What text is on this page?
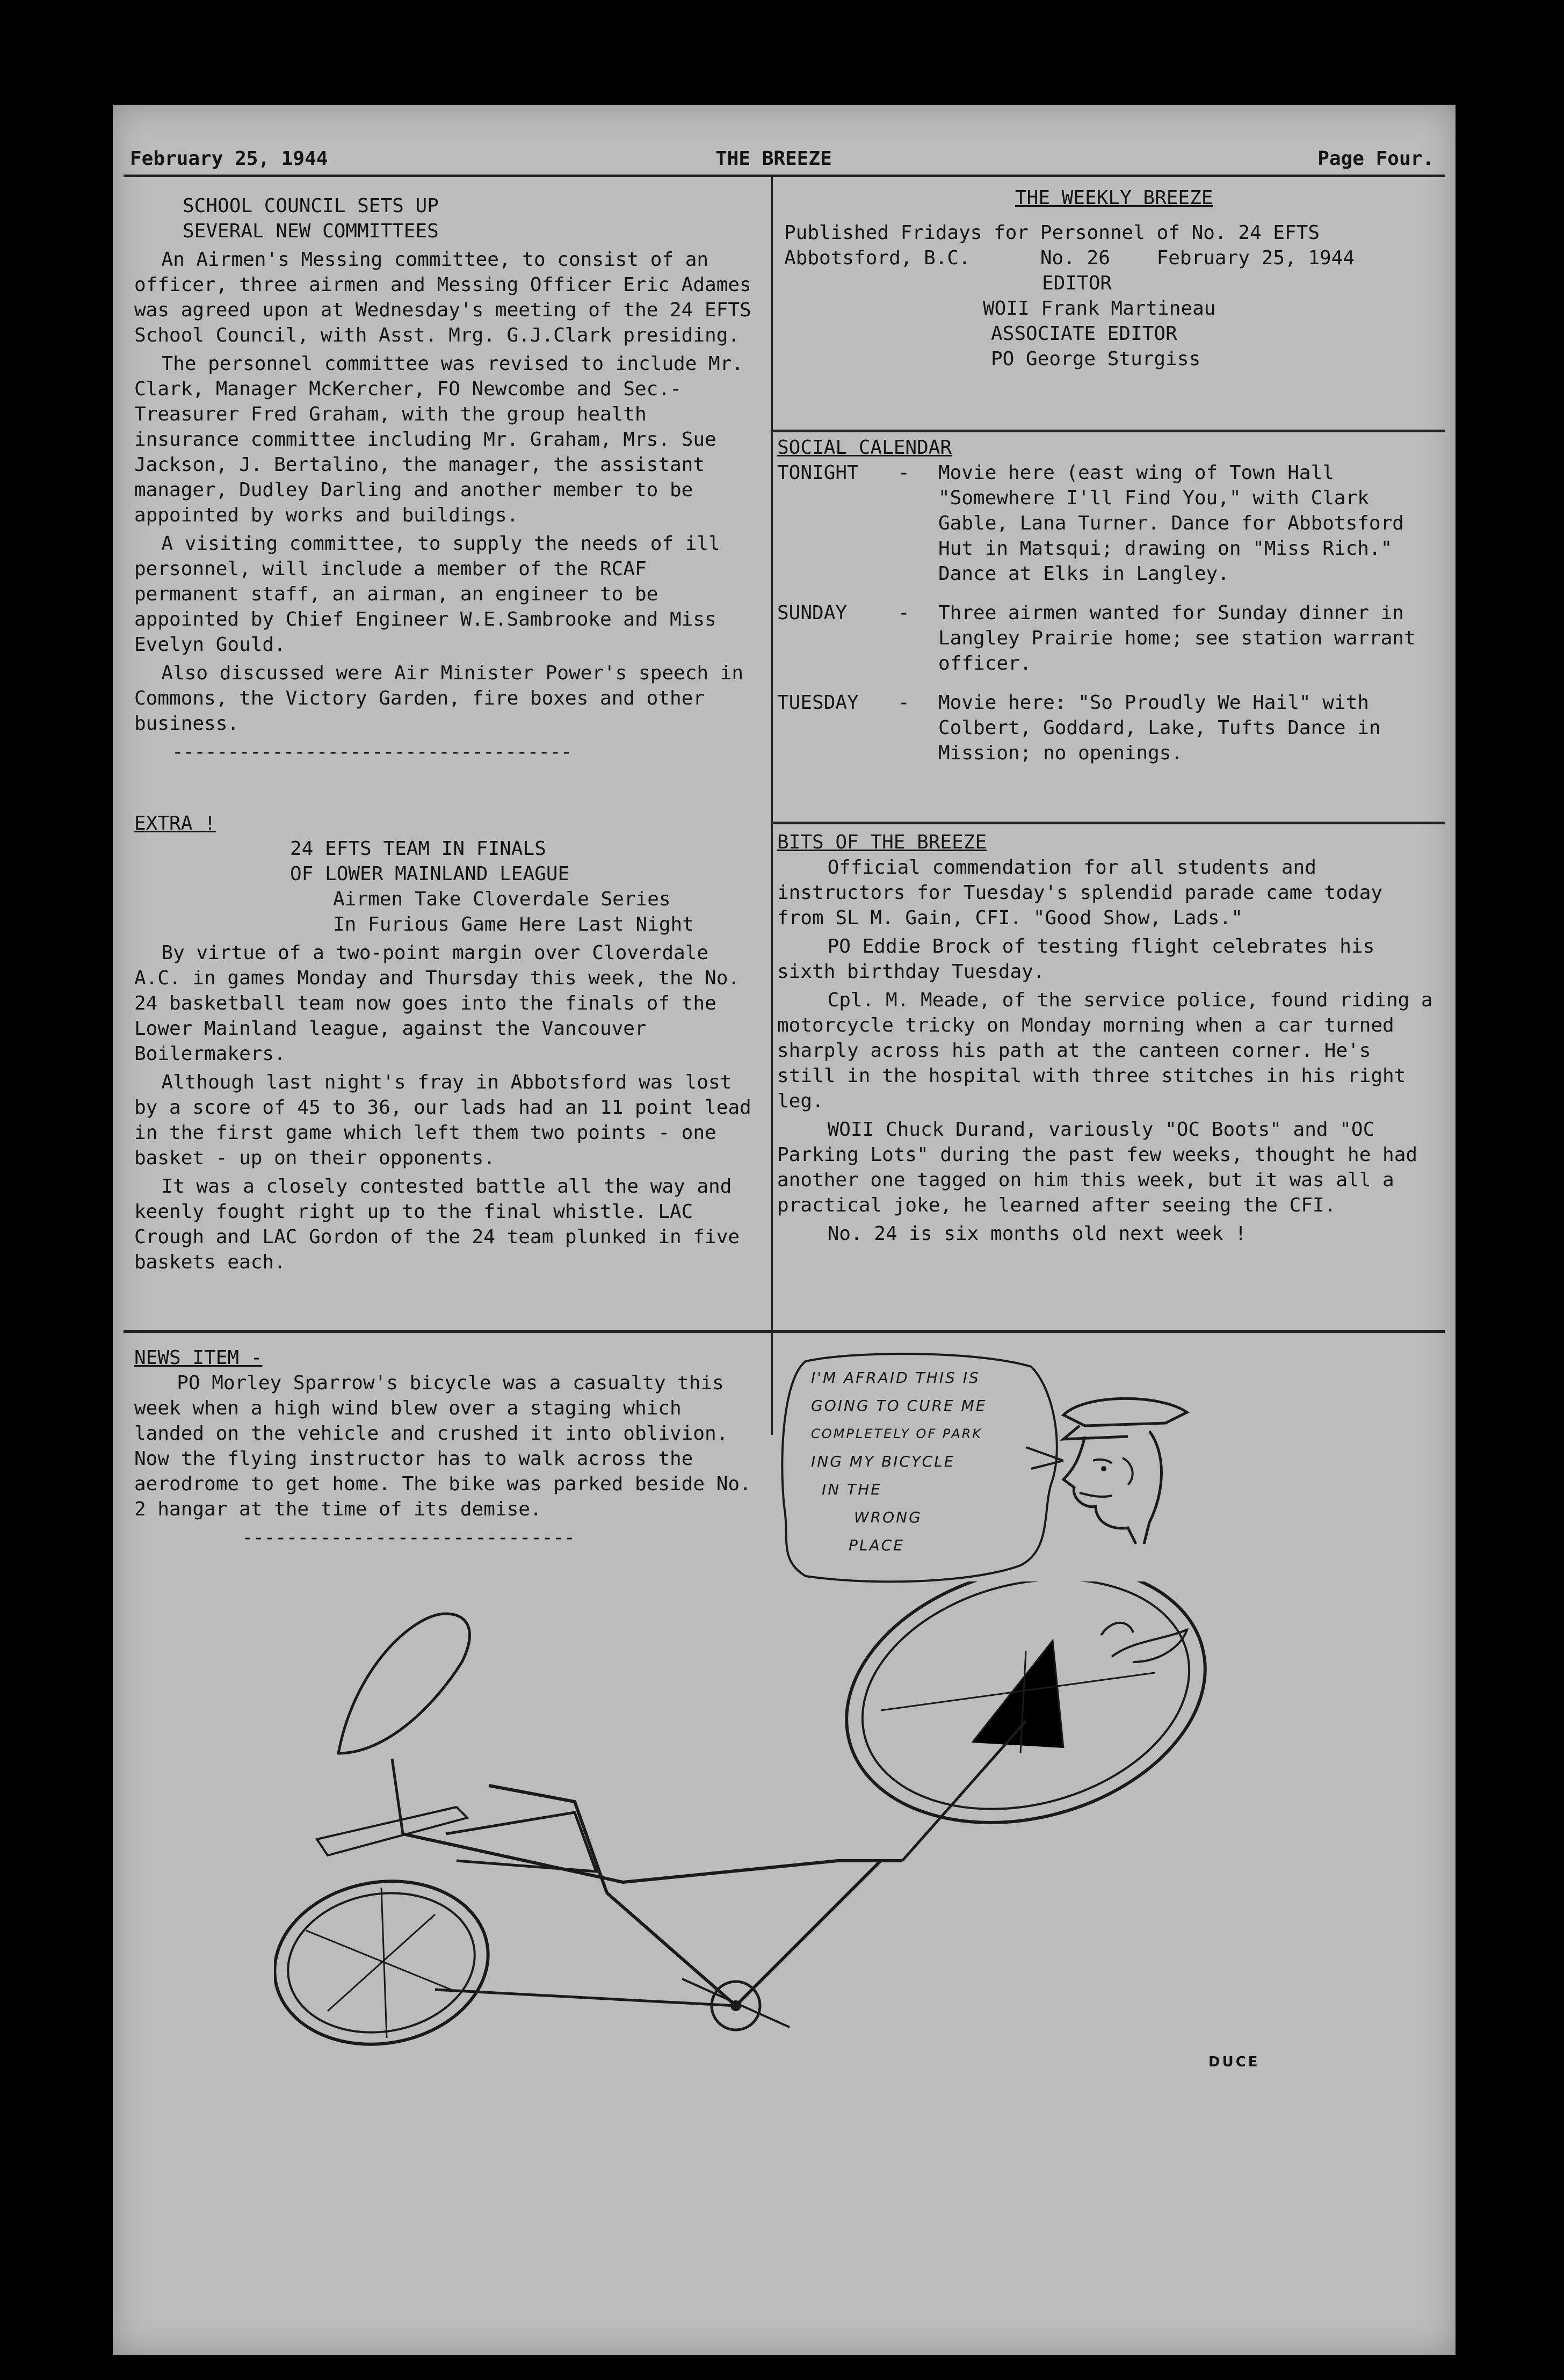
February 25, 1944	THE BREEZE	Page Four.
SCHOOL COUNCIL SETS UP
SEVERAL NEW COMMITTEES

An Airmen's Messing committee, to consist of an officer, three airmen and Messing Officer Eric Adames was agreed upon at Wednesday's meeting of the 24 EFTS School Council, with Asst. Mrg. G.J.Clark presiding.

The personnel committee was revised to include Mr. Clark, Manager McKercher, FO Newcombe and Sec.-Treasurer Fred Graham, with the group health insurance committee including Mr. Graham, Mrs. Sue Jackson, J. Bertalino, the manager, the assistant manager, Dudley Darling and another member to be appointed by works and buildings.

A visiting committee, to supply the needs of ill personnel, will include a member of the RCAF permanent staff, an airman, an engineer to be appointed by Chief Engineer W.E.Sambrooke and Miss Evelyn Gould.

Also discussed were Air Minister Power's speech in Commons, the Victory Garden, fire boxes and other business.

------------------------------------
EXTRA !
24 EFTS TEAM IN FINALS
OF LOWER MAINLAND LEAGUE
Airmen Take Cloverdale Series
In Furious Game Here Last Night

By virtue of a two-point margin over Cloverdale A.C. in games Monday and Thursday this week, the No. 24 basketball team now goes into the finals of the Lower Mainland league, against the Vancouver Boilermakers.

Although last night's fray in Abbotsford was lost by a score of 45 to 36, our lads had an 11 point lead in the first game which left them two points - one basket - up on their opponents.

It was a closely contested battle all the way and keenly fought right up to the final whistle. LAC Crough and LAC Gordon of the 24 team plunked in five baskets each.

THE WEEKLY BREEZE
Published Fridays for Personnel of No. 24 EFTS
Abbotsford, B.C.      No. 26    February 25, 1944
EDITOR
WOII Frank Martineau
ASSOCIATE EDITOR
PO George Sturgiss
SOCIAL CALENDAR
TONIGHT	-	Movie here (east wing of Town Hall "Somewhere I'll Find You," with Clark Gable, Lana Turner. Dance for Abbotsford Hut in Matsqui; drawing on "Miss Rich." Dance at Elks in Langley.
SUNDAY	-	Three airmen wanted for Sunday dinner in Langley Prairie home; see station warrant officer.
TUESDAY	-	Movie here: "So Proudly We Hail" with Colbert, Goddard, Lake, Tufts Dance in Mission; no openings.
BITS OF THE BREEZE

Official commendation for all students and instructors for Tuesday's splendid parade came today from SL M. Gain, CFI. "Good Show, Lads."

PO Eddie Brock of testing flight celebrates his sixth birthday Tuesday.

Cpl. M. Meade, of the service police, found riding a motorcycle tricky on Monday morning when a car turned sharply across his path at the canteen corner. He's still in the hospital with three stitches in his right leg.

WOII Chuck Durand, variously "OC Boots" and "OC Parking Lots" during the past few weeks, thought he had another one tagged on him this week, but it was all a practical joke, he learned after seeing the CFI.

No. 24 is six months old next week !

NEWS ITEM -

PO Morley Sparrow's bicycle was a casualty this week when a high wind blew over a staging which landed on the vehicle and crushed it into oblivion. Now the flying instructor has to walk across the aerodrome to get home. The bike was parked beside No. 2 hangar at the time of its demise.

------------------------------
I'M AFRAID THIS IS
GOING TO CURE ME
COMPLETELY OF PARK
ING MY BICYCLE
IN THE
WRONG
PLACE
DUCE
